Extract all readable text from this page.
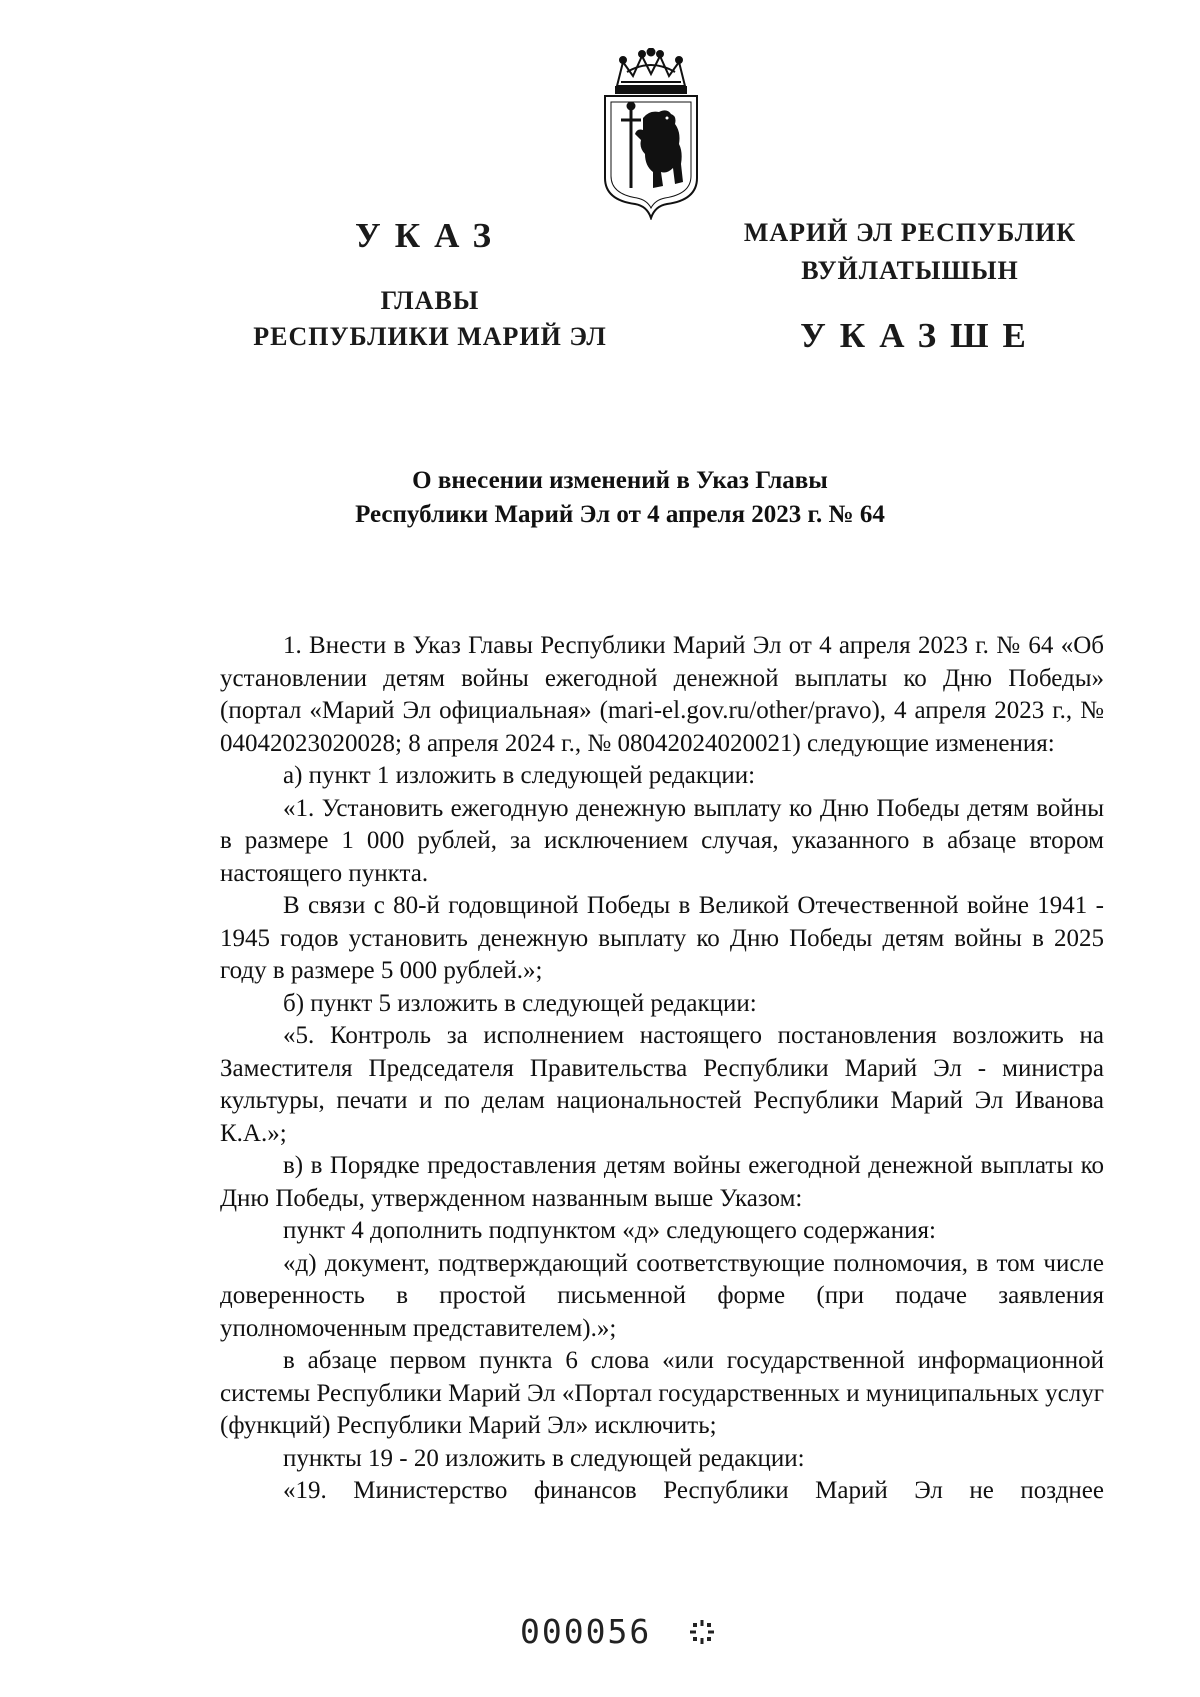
УКАЗ
ГЛАВЫ
РЕСПУБЛИКИ МАРИЙ ЭЛ
МАРИЙ ЭЛ РЕСПУБЛИК
ВУЙЛАТЫШЫН
УКАЗШЕ
О внесении изменений в Указ Главы
Республики Марий Эл от 4 апреля 2023 г. № 64

1. Внести в Указ Главы Республики Марий Эл от 4 апреля 2023 г. № 64 «Об установлении детям войны ежегодной денежной выплаты ко Дню Победы» (портал «Марий Эл официальная» (mari-el.gov.ru/other/pravo), 4 апреля 2023 г., № 04042023020028; 8 апреля 2024 г., № 08042024020021) следующие изменения:

а) пункт 1 изложить в следующей редакции:

«1. Установить ежегодную денежную выплату ко Дню Победы детям войны в размере 1 000 рублей, за исключением случая, указанного в абзаце втором настоящего пункта.

В связи с 80-й годовщиной Победы в Великой Отечественной войне 1941 - 1945 годов установить денежную выплату ко Дню Победы детям войны в 2025 году в размере 5 000 рублей.»;

б) пункт 5 изложить в следующей редакции:

«5. Контроль за исполнением настоящего постановления возложить на Заместителя Председателя Правительства Республики Марий Эл - министра культуры, печати и по делам национальностей Республики Марий Эл Иванова К.А.»;

в) в Порядке предоставления детям войны ежегодной денежной выплаты ко Дню Победы, утвержденном названным выше Указом:

пункт 4 дополнить подпунктом «д» следующего содержания:

«д) документ, подтверждающий соответствующие полномочия, в том числе доверенность в простой письменной форме (при подаче заявления уполномоченным представителем).»;

в абзаце первом пункта 6 слова «или государственной информационной системы Республики Марий Эл «Портал государственных и муниципальных услуг (функций) Республики Марий Эл» исключить;

пункты 19 - 20 изложить в следующей редакции:

«19. Министерство финансов Республики Марий Эл не позднее

000056
